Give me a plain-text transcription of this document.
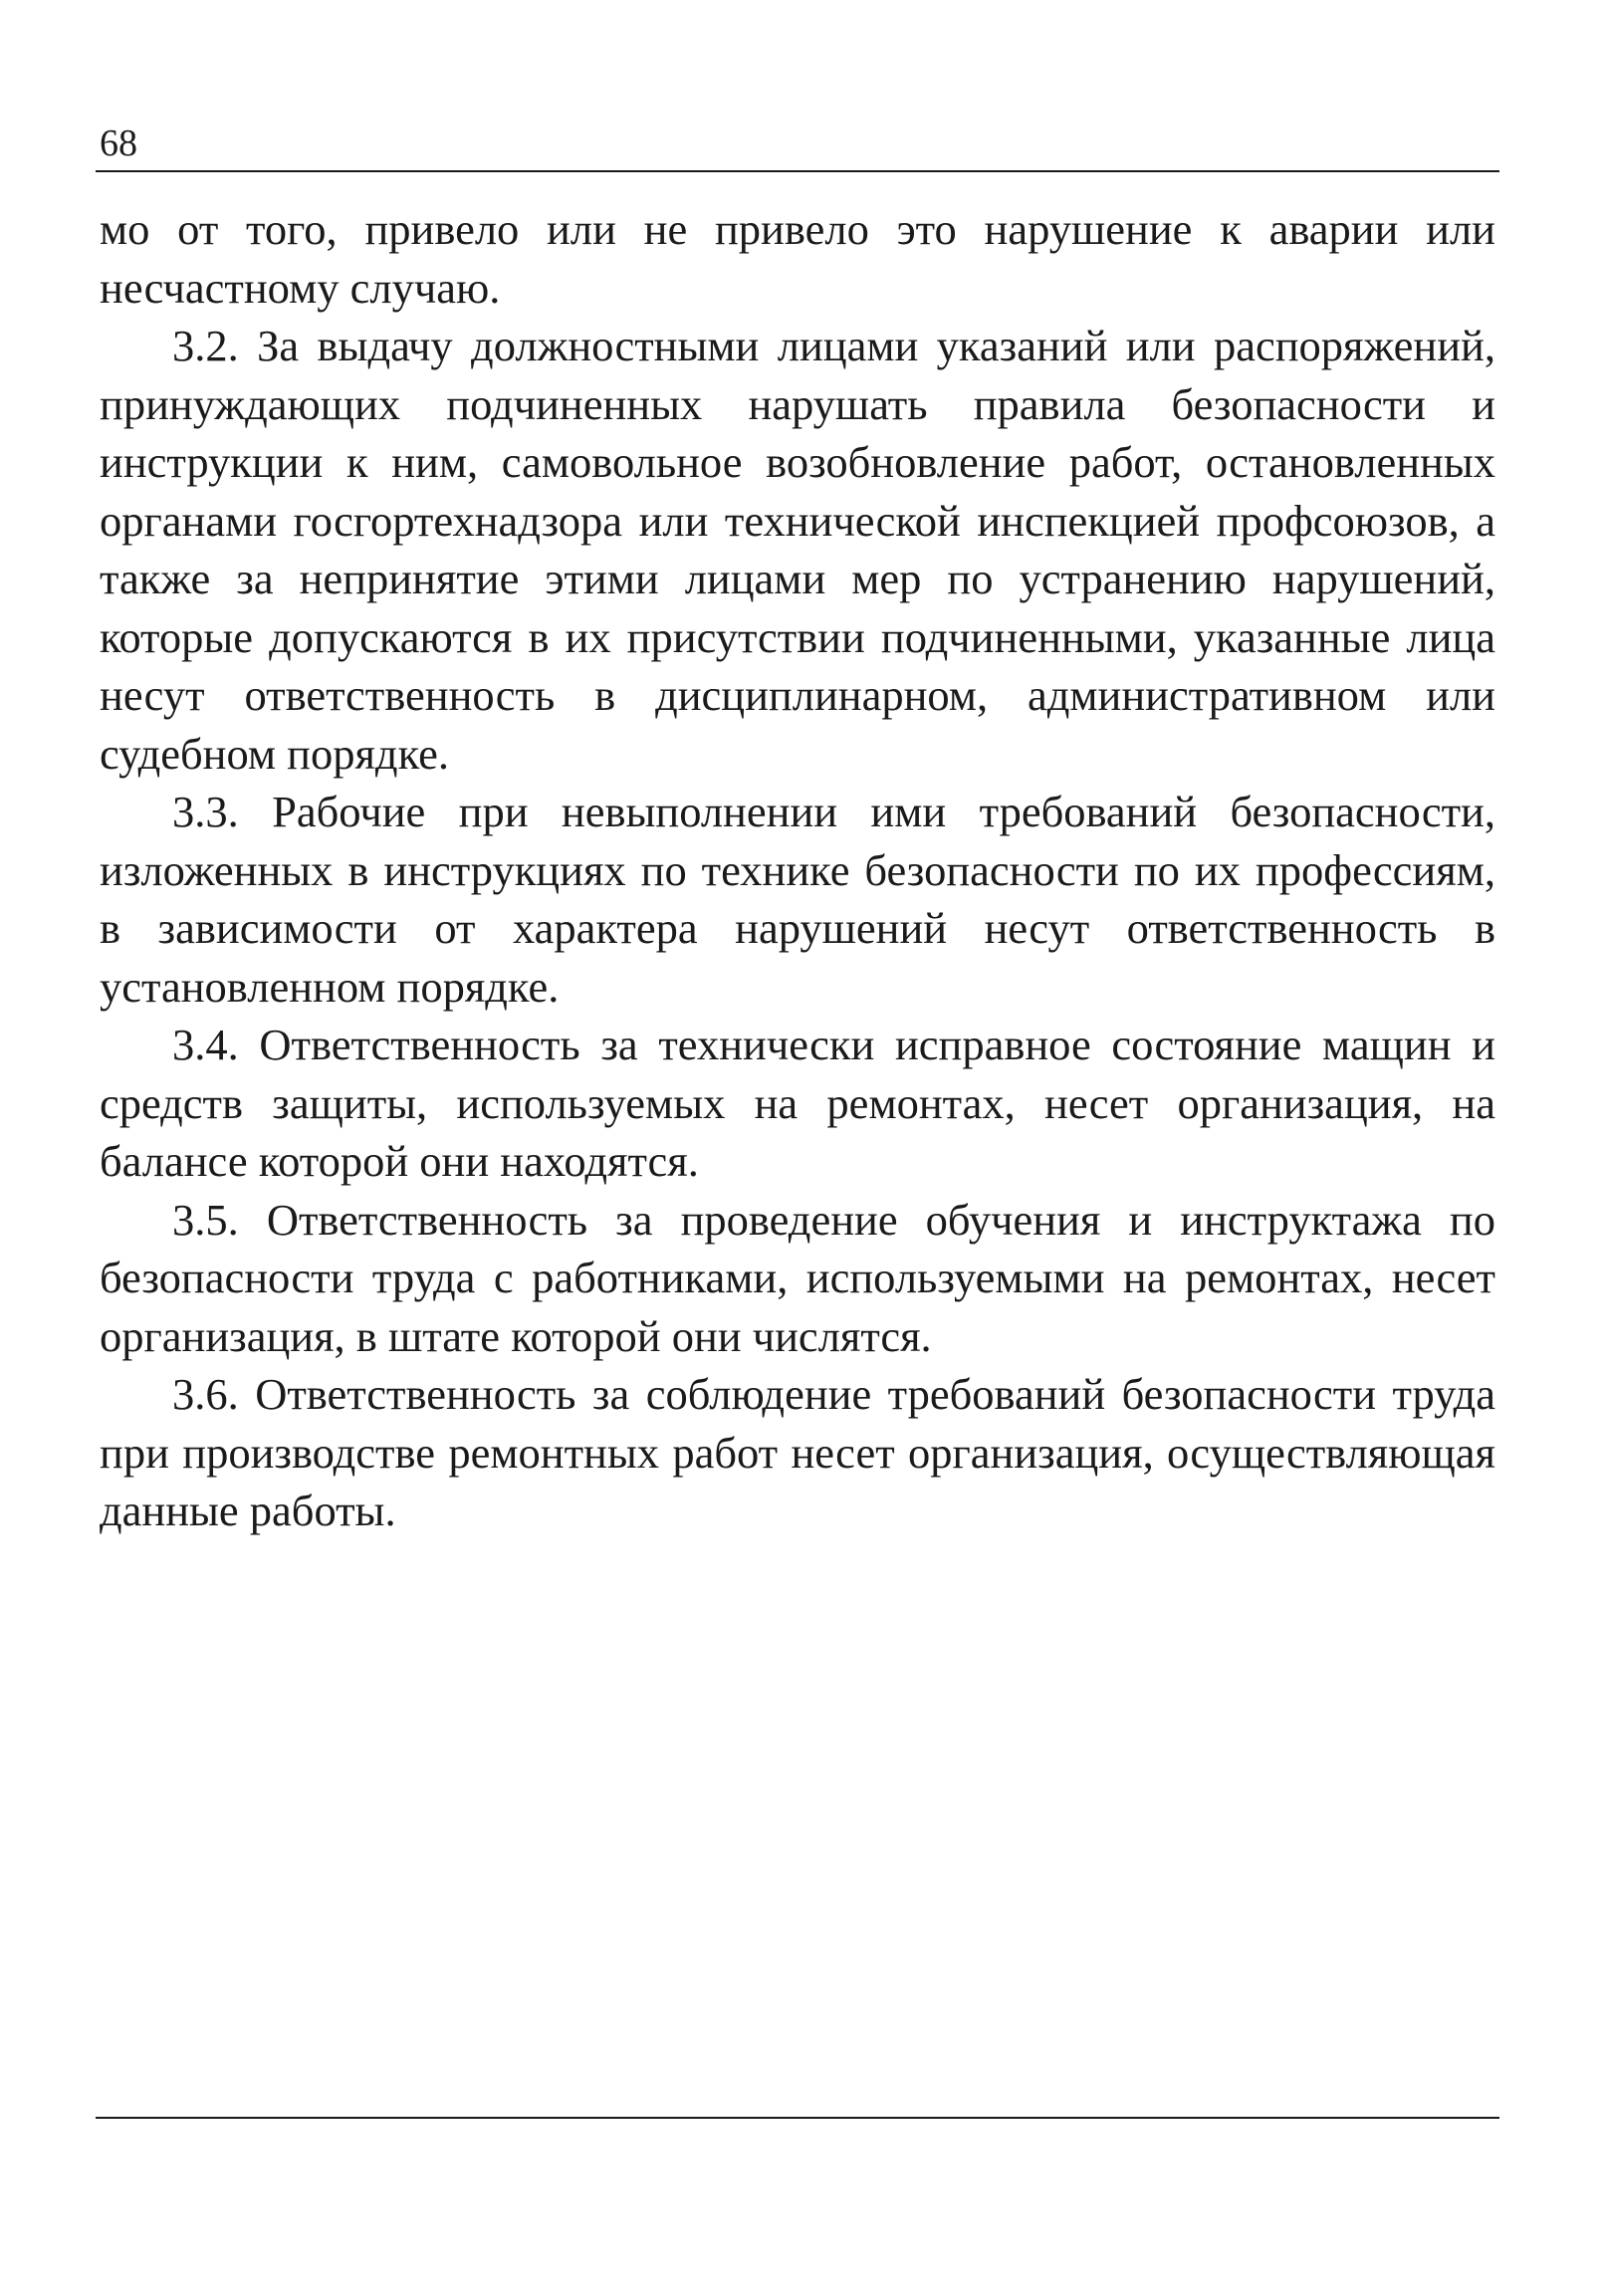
68

мо от того, привело или не привело это нарушение к аварии или несчастному случаю.

3.2. За выдачу должностными лицами указаний или распоряжений, принуждающих подчиненных нарушать правила безопасности и инструкции к ним, самовольное возобновление работ, остановленных органами госгортехнадзора или технической инспекцией профсоюзов, а также за непринятие этими лицами мер по устранению нарушений, которые допускаются в их присутствии подчиненными, указанные лица несут ответственность в дисциплинарном, административном или судебном порядке.

3.3. Рабочие при невыполнении ими требований безопасности, изложенных в инструкциях по технике безопасности по их профессиям, в зависимости от характера нарушений несут ответственность в установленном порядке.

3.4. Ответственность за технически исправное состояние мащин и средств защиты, используемых на ремонтах, несет организация, на балансе которой они находятся.

3.5. Ответственность за проведение обучения и инструктажа по безопасности труда с работниками, используемыми на ремонтах, несет организация, в штате которой они числятся.

3.6. Ответственность за соблюдение требований безопасности труда при производстве ремонтных работ несет организация, осуществляющая данные работы.
